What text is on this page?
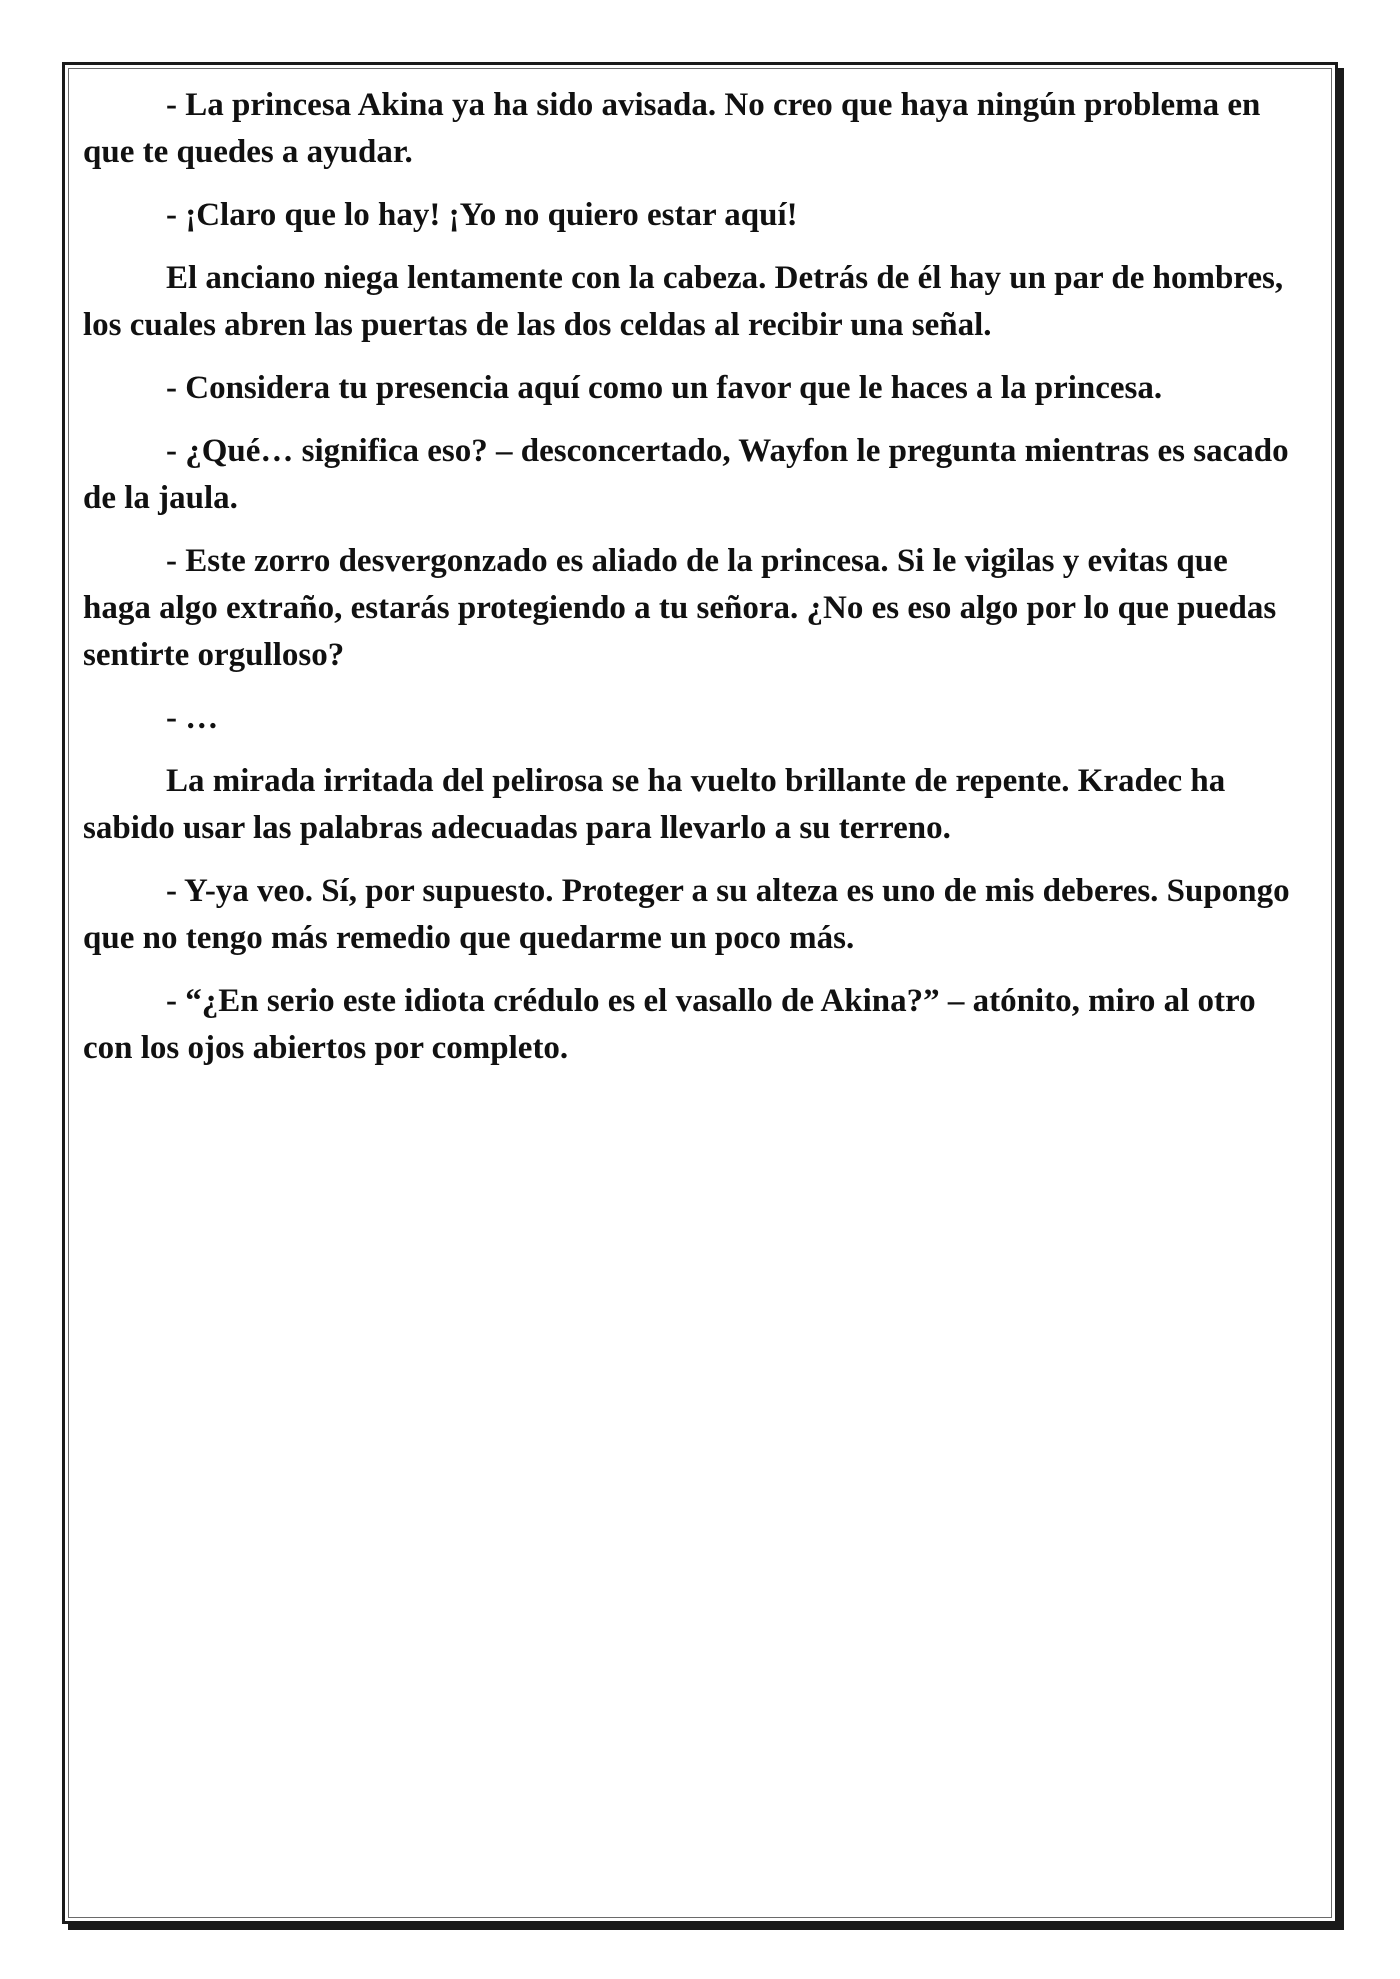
- La princesa Akina ya ha sido avisada. No creo que haya ningún problema en que te quedes a ayudar.

- ¡Claro que lo hay! ¡Yo no quiero estar aquí!

El anciano niega lentamente con la cabeza. Detrás de él hay un par de hombres, los cuales abren las puertas de las dos celdas al recibir una señal.

- Considera tu presencia aquí como un favor que le haces a la princesa.

- ¿Qué… significa eso? – desconcertado, Wayfon le pregunta mientras es sacado de la jaula.

- Este zorro desvergonzado es aliado de la princesa. Si le vigilas y evitas que haga algo extraño, estarás protegiendo a tu señora. ¿No es eso algo por lo que puedas sentirte orgulloso?

- …

La mirada irritada del pelirosa se ha vuelto brillante de repente. Kradec ha sabido usar las palabras adecuadas para llevarlo a su terreno.

- Y-ya veo. Sí, por supuesto. Proteger a su alteza es uno de mis deberes. Supongo que no tengo más remedio que quedarme un poco más.

- “¿En serio este idiota crédulo es el vasallo de Akina?” – atónito, miro al otro con los ojos abiertos por completo.
